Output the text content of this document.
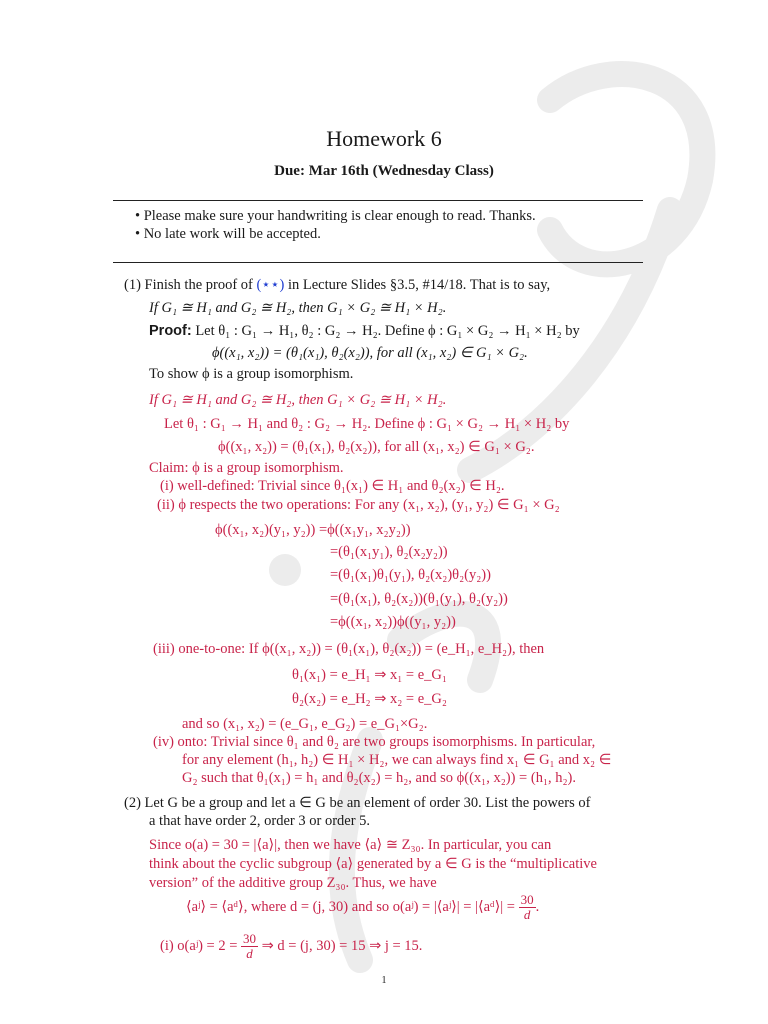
Homework 6
Due: Mar 16th (Wednesday Class)
• Please make sure your handwriting is clear enough to read. Thanks.
• No late work will be accepted.
(1) Finish the proof of (⋆⋆) in Lecture Slides §3.5, #14/18. That is to say,
If G₁ ≅ H₁ and G₂ ≅ H₂, then G₁ × G₂ ≅ H₁ × H₂.
Proof: Let θ₁ : G₁ → H₁, θ₂ : G₂ → H₂. Define ϕ : G₁ × G₂ → H₁ × H₂ by
ϕ((x₁, x₂)) = (θ₁(x₁), θ₂(x₂)), for all (x₁, x₂) ∈ G₁ × G₂.
To show ϕ is a group isomorphism.
If G₁ ≅ H₁ and G₂ ≅ H₂, then G₁ × G₂ ≅ H₁ × H₂.
Let θ₁ : G₁ → H₁ and θ₂ : G₂ → H₂. Define ϕ : G₁ × G₂ → H₁ × H₂ by
ϕ((x₁, x₂)) = (θ₁(x₁), θ₂(x₂)), for all (x₁, x₂) ∈ G₁ × G₂.
Claim: ϕ is a group isomorphism.
(i) well-defined: Trivial since θ₁(x₁) ∈ H₁ and θ₂(x₂) ∈ H₂.
(ii) ϕ respects the two operations: For any (x₁, x₂), (y₁, y₂) ∈ G₁ × G₂
ϕ((x₁, x₂)(y₁, y₂)) =ϕ((x₁y₁, x₂y₂))
=(θ₁(x₁y₁), θ₂(x₂y₂))
=(θ₁(x₁)θ₁(y₁), θ₂(x₂)θ₂(y₂))
=(θ₁(x₁), θ₂(x₂))(θ₁(y₁), θ₂(y₂))
=ϕ((x₁, x₂))ϕ((y₁, y₂))
(iii) one-to-one: If ϕ((x₁, x₂)) = (θ₁(x₁), θ₂(x₂)) = (e_H₁, e_H₂), then
θ₁(x₁) = e_H₁ ⇒ x₁ = e_G₁
θ₂(x₂) = e_H₂ ⇒ x₂ = e_G₂
and so (x₁, x₂) = (e_G₁, e_G₂) = e_G₁×G₂.
(iv) onto: Trivial since θ₁ and θ₂ are two groups isomorphisms. In particular,
for any element (h₁, h₂) ∈ H₁ × H₂, we can always find x₁ ∈ G₁ and x₂ ∈
G₂ such that θ₁(x₁) = h₁ and θ₂(x₂) = h₂, and so ϕ((x₁, x₂)) = (h₁, h₂).
(2) Let G be a group and let a ∈ G be an element of order 30. List the powers of
a that have order 2, order 3 or order 5.
Since o(a) = 30 = |⟨a⟩|, then we have ⟨a⟩ ≅ Z₃₀. In particular, you can
think about the cyclic subgroup ⟨a⟩ generated by a ∈ G is the “multiplicative
version” of the additive group Z₃₀. Thus, we have
⟨aʲ⟩ = ⟨aᵈ⟩, where d = (j, 30) and so o(aʲ) = |⟨aʲ⟩| = |⟨aᵈ⟩| = $\frac{30}{d}$ .
(i) o(aʲ) = $2 = \frac{30}{d}$ ⇒ d = (j, 30) = 15 ⇒ j = 15.
1
